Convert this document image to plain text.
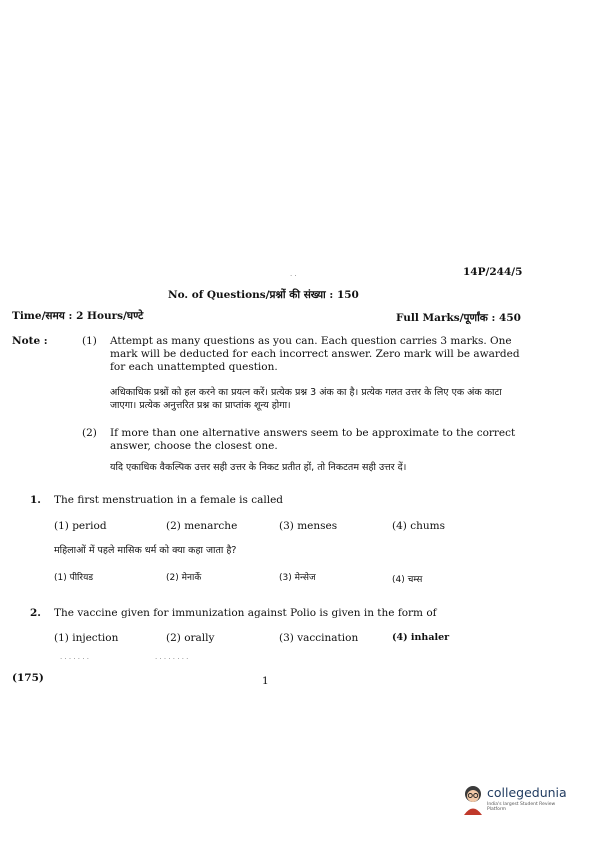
14P/244/5
No. of Questions/प्रश्नों की संख्या : 150
Time/समय : 2 Hours/घण्टे	Full Marks/पूर्णांक : 450
Note :	(1) Attempt as many questions as you can. Each question carries 3 marks. One mark will be deducted for each incorrect answer. Zero mark will be awarded for each unattempted question.
अधिकाधिक प्रश्नों को हल करने का प्रयत्न करें। प्रत्येक प्रश्न 3 अंक का है। प्रत्येक गलत उत्तर के लिए एक अंक काटा जाएगा। प्रत्येक अनुत्तरित प्रश्न का प्राप्तांक शून्य होगा।
(2) If more than one alternative answers seem to be approximate to the correct answer, choose the closest one.
यदि एकाधिक वैकल्पिक उत्तर सही उत्तर के निकट प्रतीत हों, तो निकटतम सही उत्तर दें।
1. The first menstruation in a female is called
(1) period	(2) menarche	(3) menses	(4) chums
महिलाओं में पहले मासिक धर्म को क्या कहा जाता है?
(1) पीरियड	(2) मेनार्के	(3) मेन्सेज	(4) चम्स
2. The vaccine given for immunization against Polio is given in the form of
(1) injection	(2) orally	(3) vaccination	(4) inhaler
· · · · · · ·	· · · · · · · ·
· ·
(175)	1
collegedunia
India's largest Student Review Platform
